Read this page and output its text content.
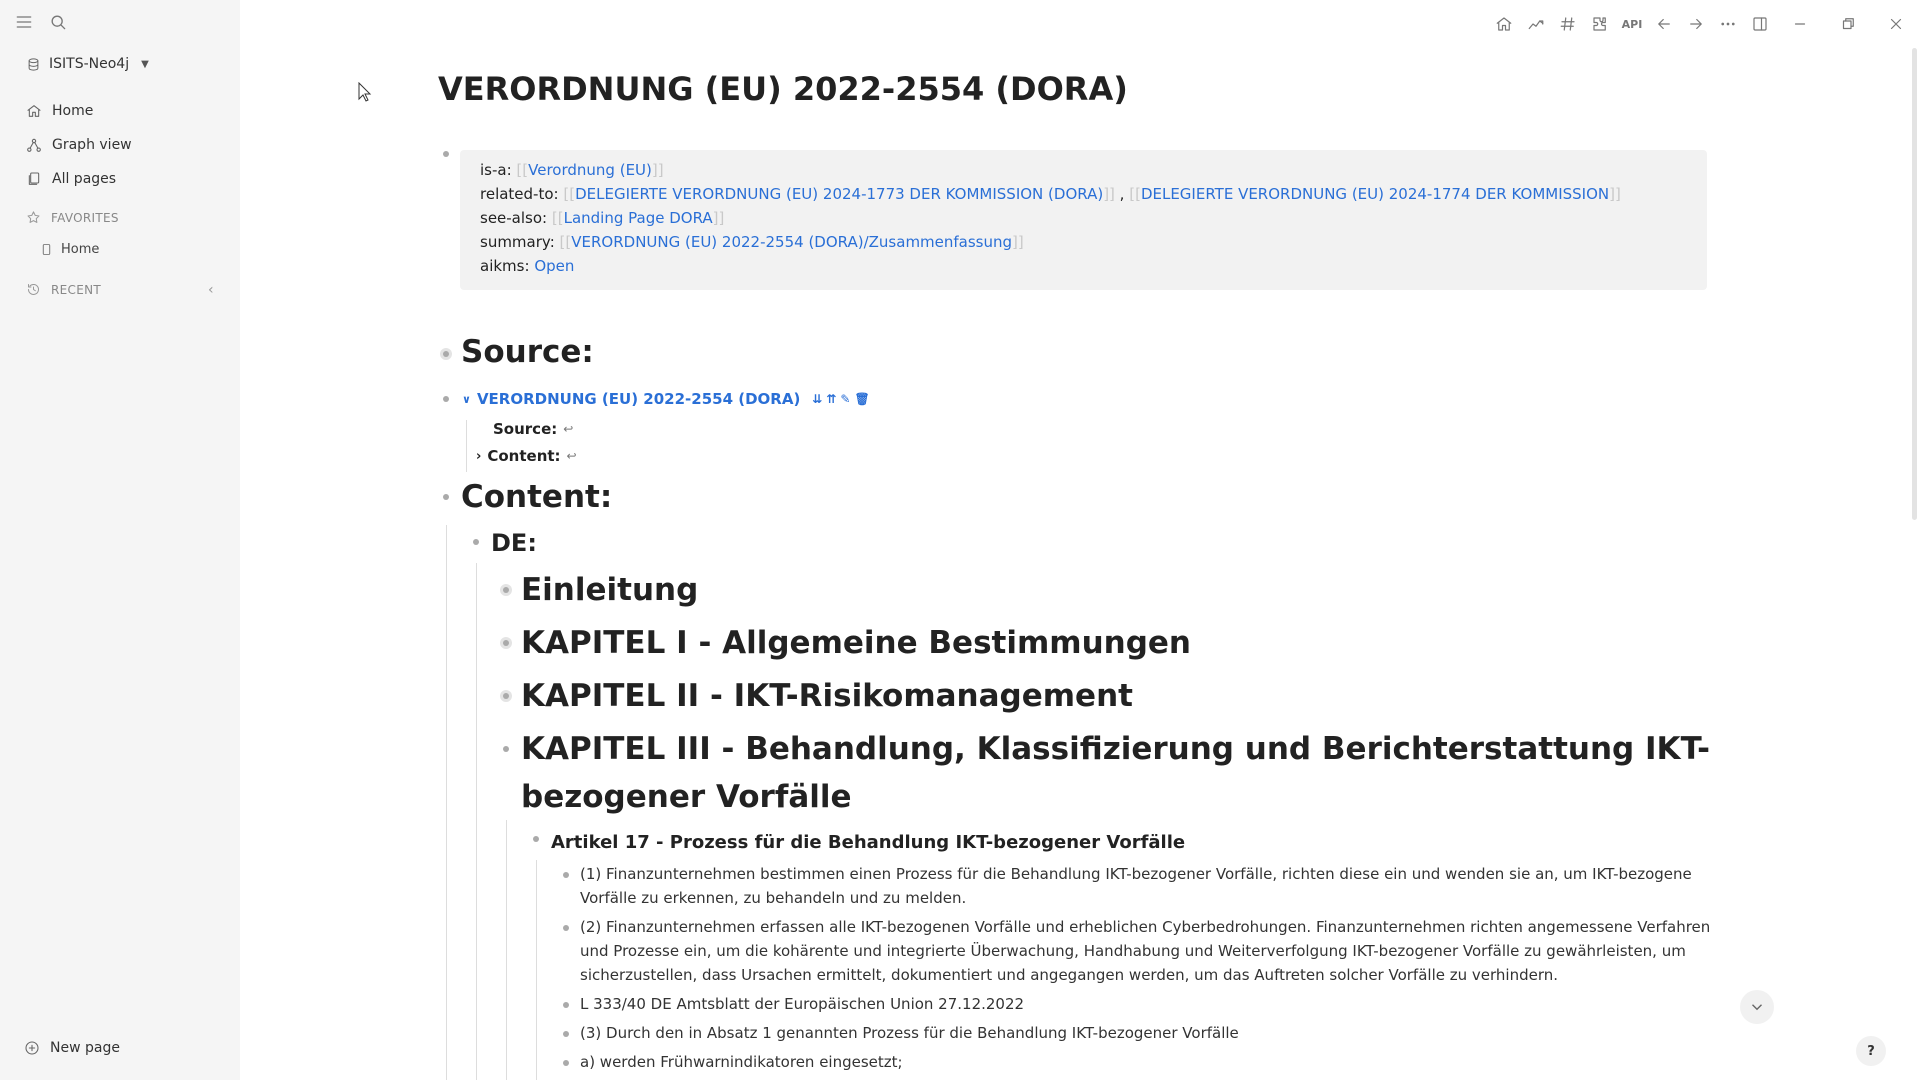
ISITS-Neo4j ▼
Home
Graph view
All pages
FAVORITES
Home
RECENT	‹
New page
API
VERORDNUNG (EU) 2022-2554 (DORA)
is-a: [[Verordnung (EU)]]
related-to: [[DELEGIERTE VERORDNUNG (EU) 2024-1773 DER KOMMISSION (DORA)]] , [[DELEGIERTE VERORDNUNG (EU) 2024-1774 DER KOMMISSION]]
see-also: [[Landing Page DORA]]
summary: [[VERORDNUNG (EU) 2022-2554 (DORA)/Zusammenfassung]]
aikms: Open
Source:
∨ VERORDNUNG (EU) 2022-2554 (DORA) ⇊ ⇈ ✎ 🗑
Source: ↩
› Content: ↩
Content:
DE:
Einleitung
KAPITEL I - Allgemeine Bestimmungen
KAPITEL II - IKT-Risikomanagement
KAPITEL III - Behandlung, Klassifizierung und Berichterstattung IKT-bezogener Vorfälle
Artikel 17 - Prozess für die Behandlung IKT-bezogener Vorfälle
(1) Finanzunternehmen bestimmen einen Prozess für die Behandlung IKT-bezogener Vorfälle, richten diese ein und wenden sie an, um IKT-bezogene Vorfälle zu erkennen, zu behandeln und zu melden.
(2) Finanzunternehmen erfassen alle IKT-bezogenen Vorfälle und erheblichen Cyberbedrohungen. Finanzunternehmen richten angemessene Verfahren und Prozesse ein, um die kohärente und integrierte Überwachung, Handhabung und Weiterverfolgung IKT-bezogener Vorfälle zu gewährleisten, um sicherzustellen, dass Ursachen ermittelt, dokumentiert und angegangen werden, um das Auftreten solcher Vorfälle zu verhindern.
L 333/40 DE Amtsblatt der Europäischen Union 27.12.2022
(3) Durch den in Absatz 1 genannten Prozess für die Behandlung IKT-bezogener Vorfälle
a) werden Frühwarnindikatoren eingesetzt;
?
